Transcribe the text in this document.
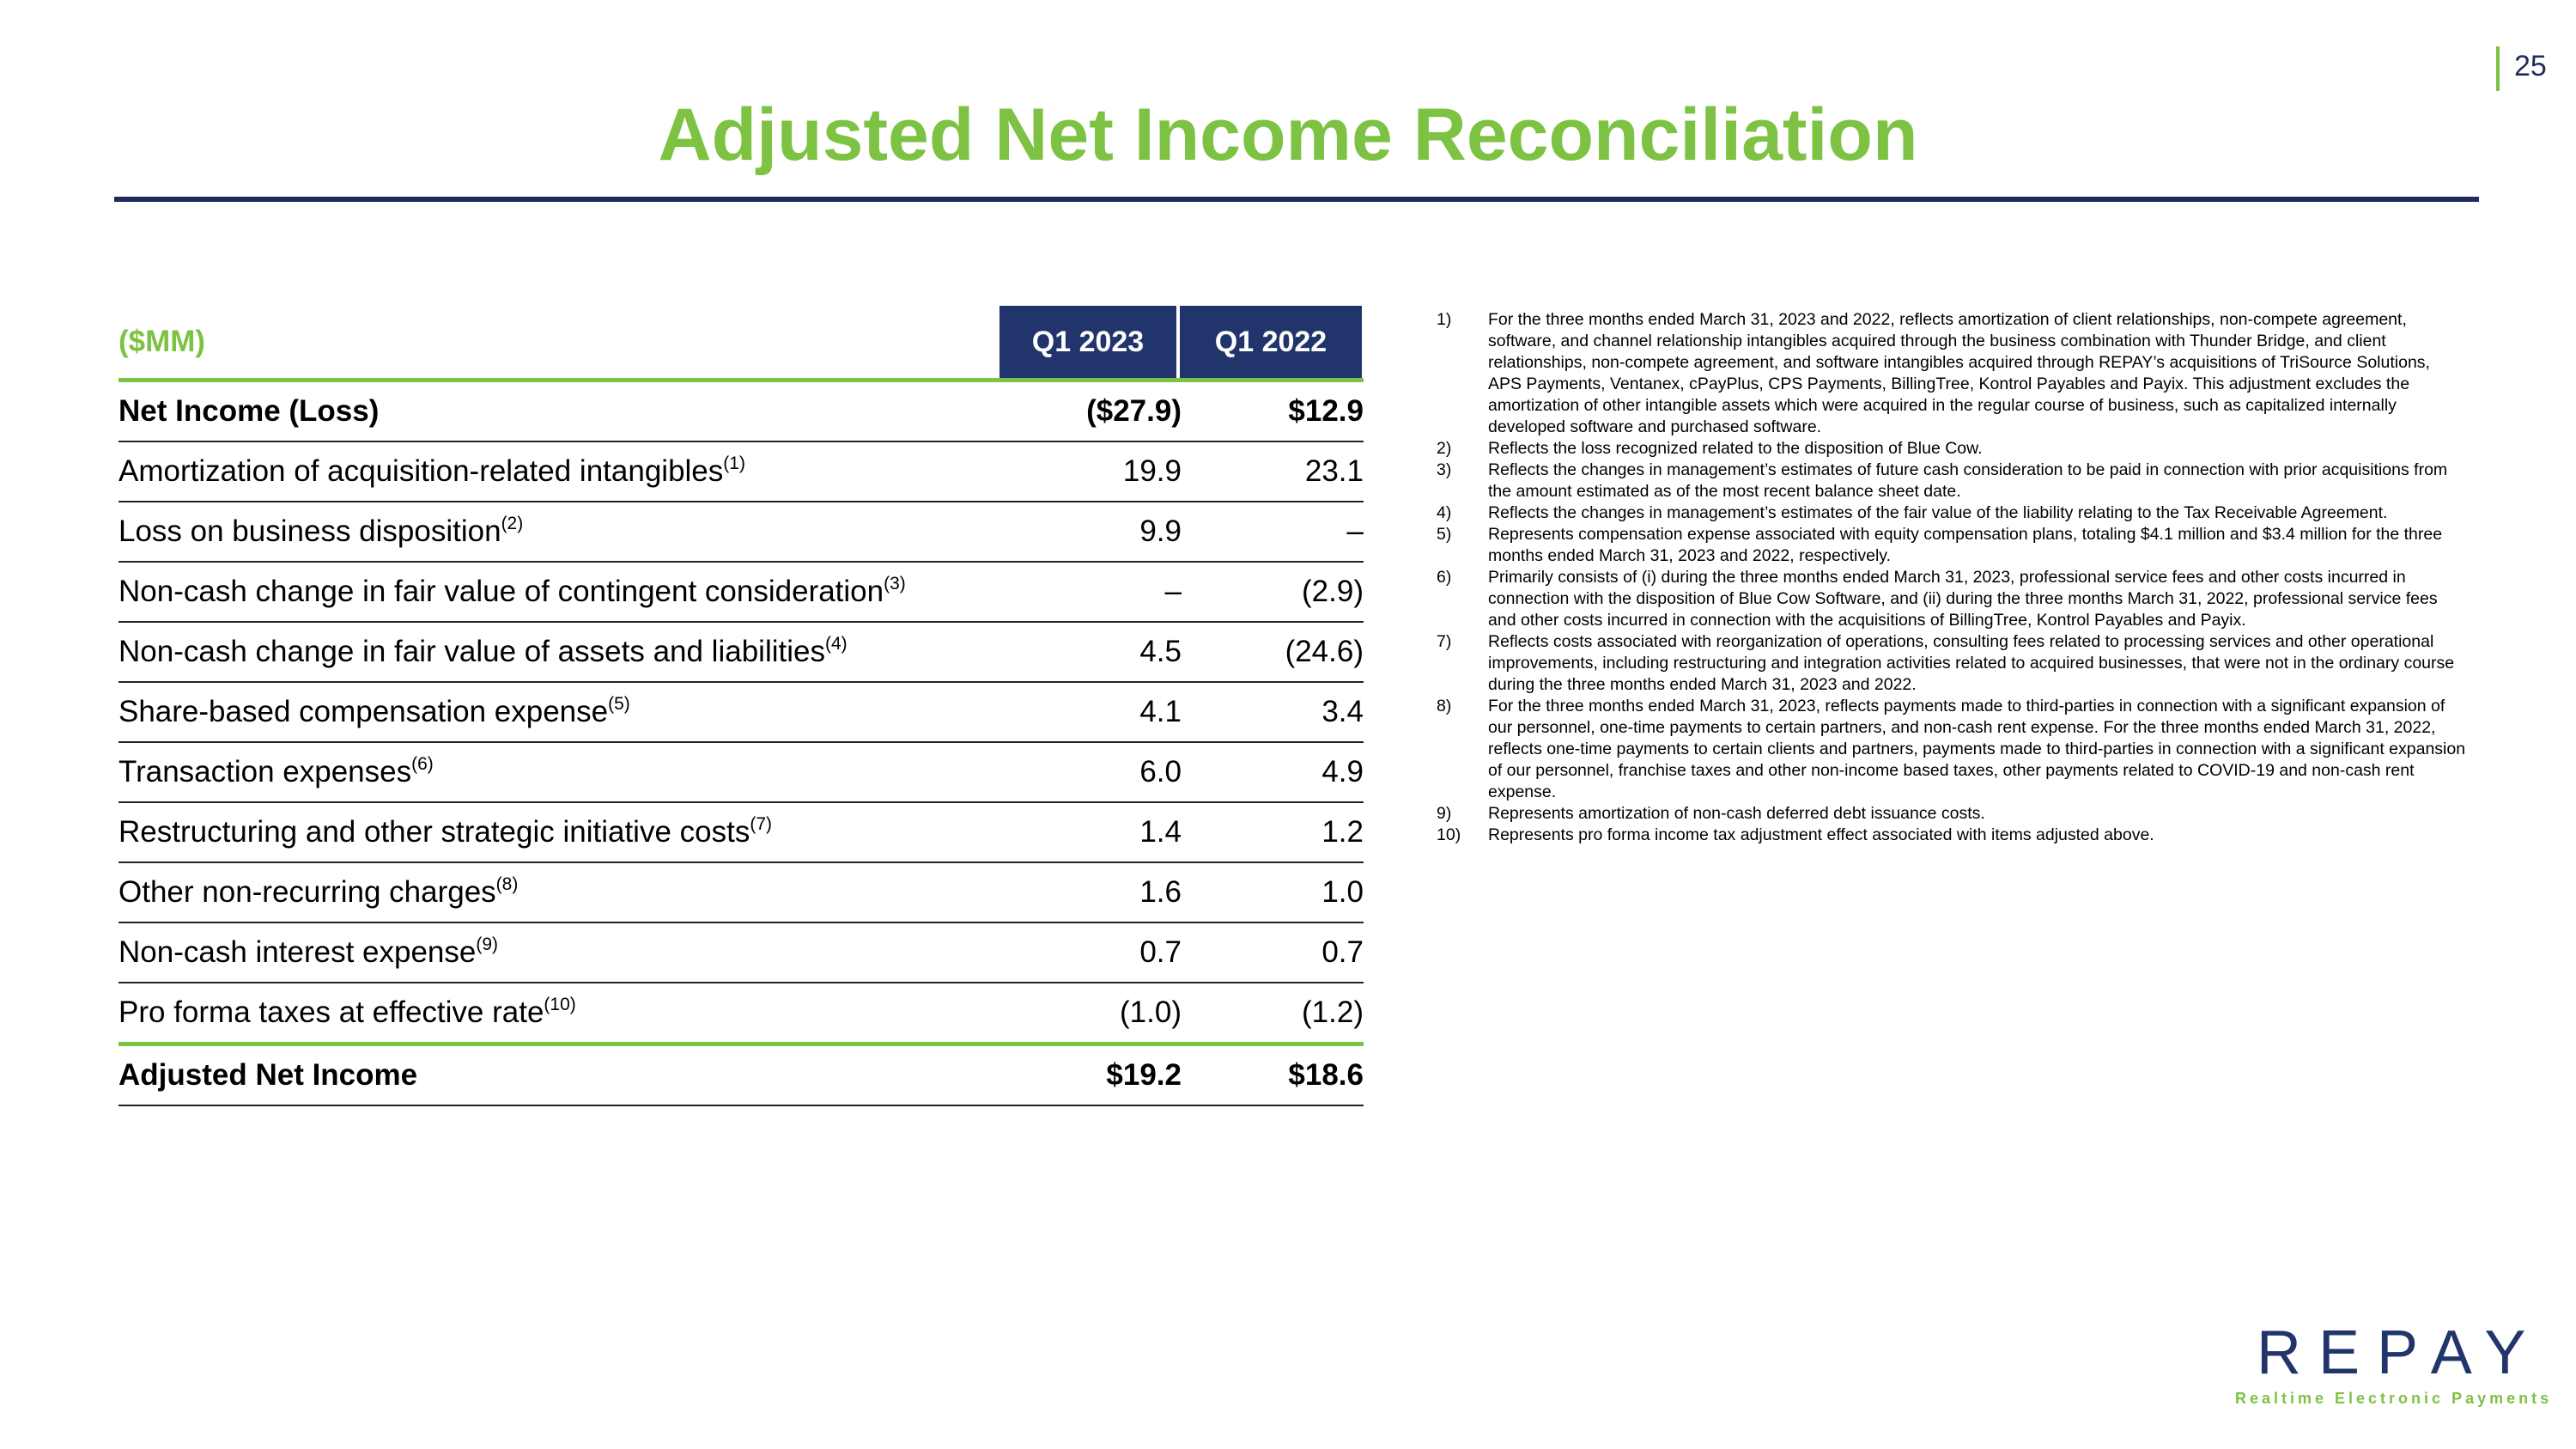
25
Adjusted Net Income Reconciliation
($MM)	Q1 2023	Q1 2022
Net Income (Loss)	($27.9)	$12.9
Amortization of acquisition-related intangibles$^{(1)}$	19.9	23.1
Loss on business disposition$^{(2)}$	9.9	–
Non-cash change in fair value of contingent consideration$^{(3)}$	–	(2.9)
Non-cash change in fair value of assets and liabilities$^{(4)}$	4.5	(24.6)
Share-based compensation expense$^{(5)}$	4.1	3.4
Transaction expenses$^{(6)}$	6.0	4.9
Restructuring and other strategic initiative costs$^{(7)}$	1.4	1.2
Other non-recurring charges$^{(8)}$	1.6	1.0
Non-cash interest expense$^{(9)}$	0.7	0.7
Pro forma taxes at effective rate$^{(10)}$	(1.0)	(1.2)
Adjusted Net Income	$19.2	$18.6

1) For the three months ended March 31, 2023 and 2022, reflects amortization of client relationships, non-compete agreement, software, and channel relationship intangibles acquired through the business combination with Thunder Bridge, and client relationships, non-compete agreement, and software intangibles acquired through REPAY’s acquisitions of TriSource Solutions, APS Payments, Ventanex, cPayPlus, CPS Payments, BillingTree, Kontrol Payables and Payix. This adjustment excludes the amortization of other intangible assets which were acquired in the regular course of business, such as capitalized internally developed software and purchased software.

2) Reflects the loss recognized related to the disposition of Blue Cow.

3) Reflects the changes in management’s estimates of future cash consideration to be paid in connection with prior acquisitions from the amount estimated as of the most recent balance sheet date.

4) Reflects the changes in management’s estimates of the fair value of the liability relating to the Tax Receivable Agreement.

5) Represents compensation expense associated with equity compensation plans, totaling $4.1 million and $3.4 million for the three months ended March 31, 2023 and 2022, respectively.

6) Primarily consists of (i) during the three months ended March 31, 2023, professional service fees and other costs incurred in connection with the disposition of Blue Cow Software, and (ii) during the three months March 31, 2022, professional service fees and other costs incurred in connection with the acquisitions of BillingTree, Kontrol Payables and Payix.

7) Reflects costs associated with reorganization of operations, consulting fees related to processing services and other operational improvements, including restructuring and integration activities related to acquired businesses, that were not in the ordinary course during the three months ended March 31, 2023 and 2022.

8) For the three months ended March 31, 2023, reflects payments made to third-parties in connection with a significant expansion of our personnel, one-time payments to certain partners, and non-cash rent expense. For the three months ended March 31, 2022, reflects one-time payments to certain clients and partners, payments made to third-parties in connection with a significant expansion of our personnel, franchise taxes and other non-income based taxes, other payments related to COVID-19 and non-cash rent expense.

9) Represents amortization of non-cash deferred debt issuance costs.

10) Represents pro forma income tax adjustment effect associated with items adjusted above.

REPAY
Realtime Electronic Payments
